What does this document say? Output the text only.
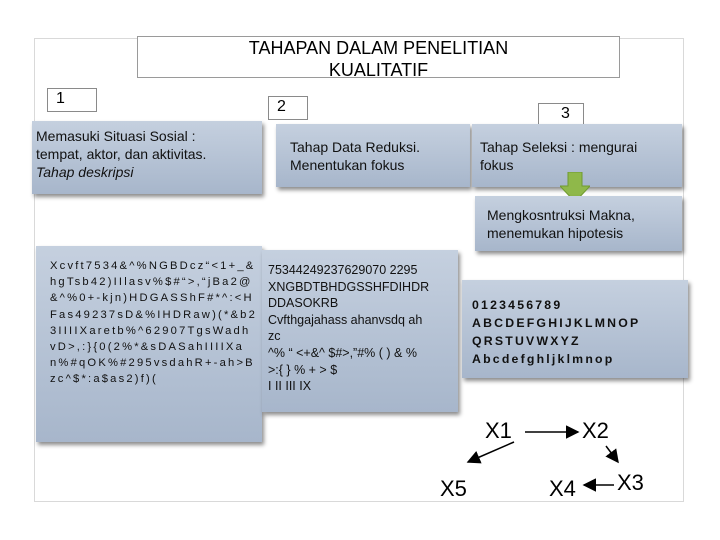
TAHAPAN DALAM PENELITIAN
KUALITATIF
1	2	3
Memasuki Situasi Sosial :
tempat, aktor, dan aktivitas.
Tahap deskripsi
Tahap Data Reduksi.
Menentukan fokus
Tahap Seleksi : mengurai
fokus
Mengkosntruksi Makna,
menemukan hipotesis
Xcvft7534&^%NGBDcz“<1+_&hgTsb42)IIlasv%$#“>,“jBa2@&^%0+-kjn)HDGASShF#*^:<HFas49237sD&%IHDRaw)(*&b23IIIIXaretb%^62907TgsWadhvD>,:}{0(2%*&sDASahIIIIXan%#qOK%#295vsdahR+-ah>Bzc^$*:a$as2)f)(
75344249237629070 2295
XNGBDTBHDGSSHFDIHDR
DDASOKRB
Cvfthgajahass ahanvsdq ah
zc
^% “ <+&^ $#>,”#% ( ) & %
>:{ } % + > $
I II III IX
0123456789
ABCDEFGHIJKLMNOP
QRSTUVWXYZ
Abcdefghljklmnop
X1	X2
X3
X4
X5
